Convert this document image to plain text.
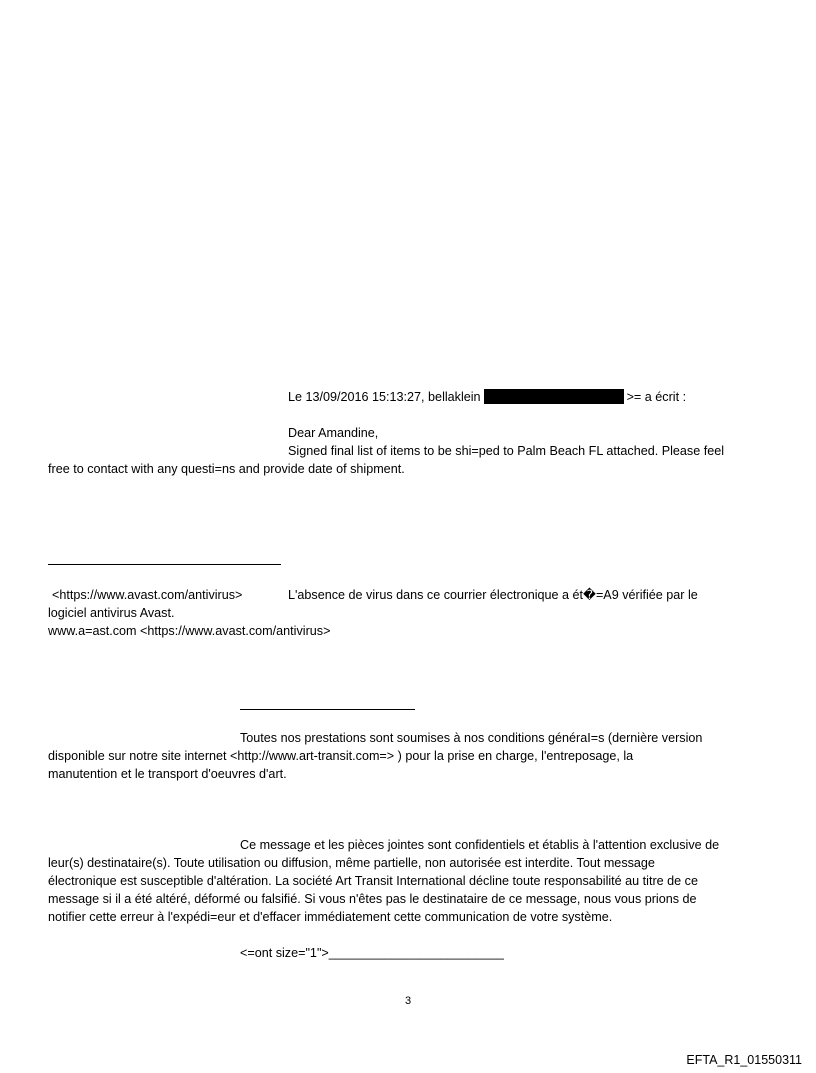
Le 13/09/2016 15:13:27, bellaklein	>= a écrit :
Dear Amandine,
Signed final list of items to be shi=ped to Palm Beach FL attached. Please feel
free to contact with any questi=ns and provide date of shipment.
<https://www.avast.com/antivirus>	L'absence de virus dans ce courrier électronique a ét�=A9 vérifiée par le
logiciel antivirus Avast.
www.a=ast.com <https://www.avast.com/antivirus>
Toutes nos prestations sont soumises à nos conditions généraI=s (dernière version
disponible sur notre site internet <http://www.art-transit.com=> ) pour la prise en charge, l'entreposage, la
manutention et le transport d'oeuvres d'art.
Ce message et les pièces jointes sont confidentiels et établis à l'attention exclusive de
leur(s) destinataire(s). Toute utilisation ou diffusion, même partielle, non autorisée est interdite. Tout message
électronique est susceptible d'altération. La société Art Transit International décline toute responsabilité au titre de ce
message si il a été altéré, déformé ou falsifié. Si vous n'êtes pas le destinataire de ce message, nous vous prions de
notifier cette erreur à l'expédi=eur et d'effacer immédiatement cette communication de votre système.
<=ont size="1">_________________________
3
EFTA_R1_01550311
